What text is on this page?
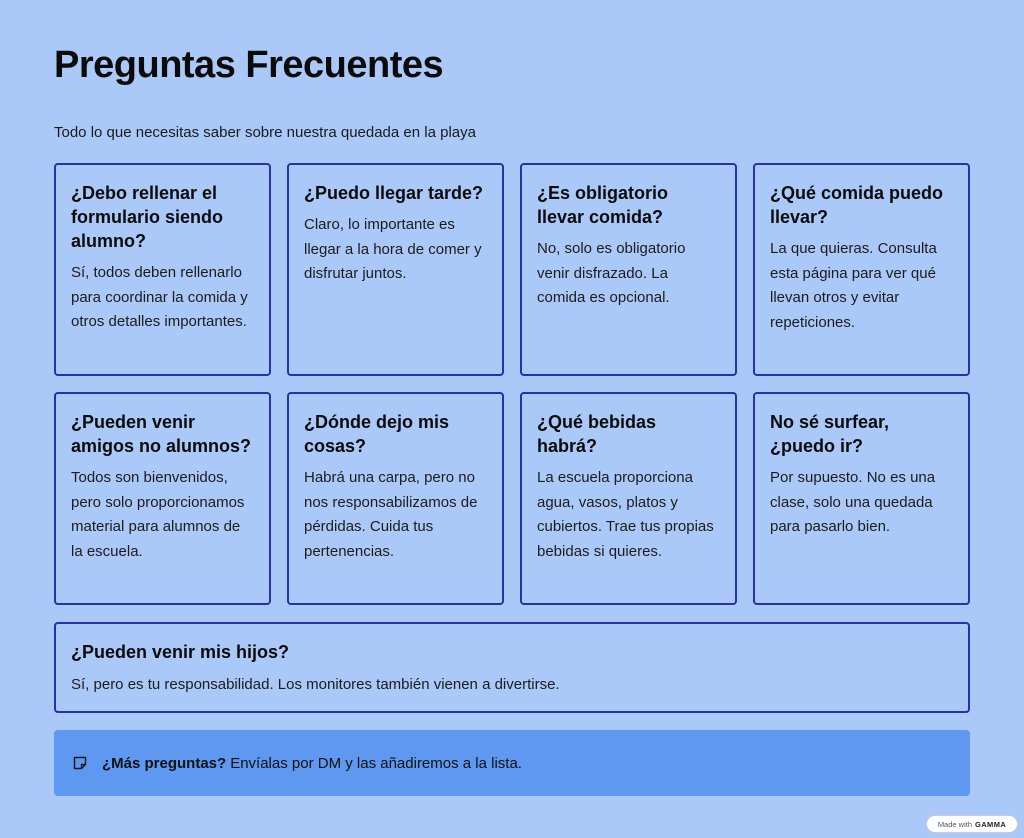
Preguntas Frecuentes
Todo lo que necesitas saber sobre nuestra quedada en la playa
¿Debo rellenar el formulario siendo alumno?

Sí, todos deben rellenarlo para coordinar la comida y otros detalles importantes.

¿Puedo llegar tarde?

Claro, lo importante es llegar a la hora de comer y disfrutar juntos.

¿Es obligatorio llevar comida?

No, solo es obligatorio venir disfrazado. La comida es opcional.

¿Qué comida puedo llevar?

La que quieras. Consulta esta página para ver qué llevan otros y evitar repeticiones.

¿Pueden venir amigos no alumnos?

Todos son bienvenidos, pero solo proporcionamos material para alumnos de la escuela.

¿Dónde dejo mis cosas?

Habrá una carpa, pero no nos responsabilizamos de pérdidas. Cuida tus pertenencias.

¿Qué bebidas habrá?

La escuela proporciona agua, vasos, platos y cubiertos. Trae tus propias bebidas si quieres.

No sé surfear, ¿puedo ir?

Por supuesto. No es una clase, solo una quedada para pasarlo bien.

¿Pueden venir mis hijos?

Sí, pero es tu responsabilidad. Los monitores también vienen a divertirse.

¿Más preguntas? Envíalas por DM y las añadiremos a la lista.
Made with GAMMA
